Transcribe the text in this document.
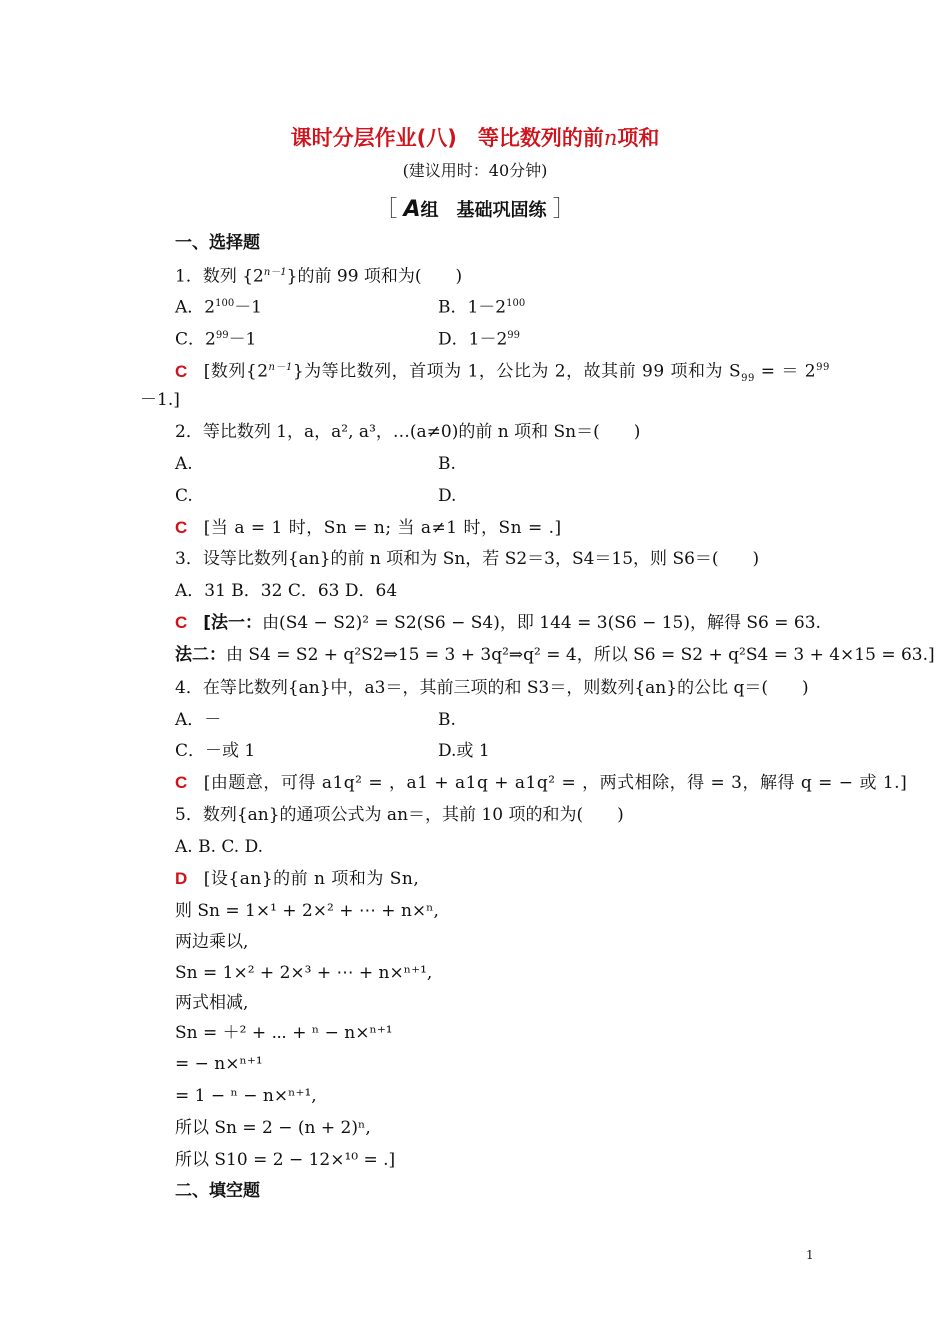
课时分层作业(八)　等比数列的前n项和
(建议用时：40分钟)
［ A组　基础巩固练 ］
一、选择题
1．数列 $\{2^{n-1}\}$的前 99 项和为(　　)
A．$2^{100}-1$	B．$1-2^{100}$
C．$2^{99}-1$	D．$1-2^{99}$
C [数列$\{2^{n-1}\}$为等比数列，首项为 1，公比为 2，故其前 99 项和为 $S_{99}$ = ＝ $2^{99}$
－1.]
2．等比数列 1，a，a², a³，…(a≠0)的前 n 项和 Sn＝(　　)
A.	B.
C.	D.
C [当 a = 1 时，Sn = n; 当 a≠1 时，Sn = .]
3．设等比数列{an}的前 n 项和为 Sn，若 S2＝3，S4＝15，则 S6＝(　　)
A．31 B．32 C．63 D．64
C [法一：由(S4 − S2)² = S2(S6 − S4)，即 144 = 3(S6 − 15)，解得 S6 = 63.
法二：由 S4 = S2 + q²S2⇒15 = 3 + 3q²⇒q² = 4，所以 S6 = S2 + q²S4 = 3 + 4×15 = 63.]
4．在等比数列{an}中，a3＝，其前三项的和 S3＝，则数列{an}的公比 q＝(　　)
A．－	B.
C．－或 1	D.或 1
C [由题意，可得 a1q² = ，a1 + a1q + a1q² = ，两式相除，得 = 3，解得 q = − 或 1.]
5．数列{an}的通项公式为 an＝，其前 10 项的和为(　　)
A. B. C. D.
D [设{an}的前 n 项和为 Sn,
则 Sn = 1×¹ + 2×² + ⋯ + n×ⁿ,
两边乘以,
Sn = 1×² + 2×³ + ⋯ + n×ⁿ⁺¹,
两式相减,
Sn = ＋² + ⋯ + ⁿ − n×ⁿ⁺¹
= − n×ⁿ⁺¹
= 1 − ⁿ − n×ⁿ⁺¹,
所以 Sn = 2 − (n + 2)ⁿ,
所以 S10 = 2 − 12×¹⁰ = .]
二、填空题
1
